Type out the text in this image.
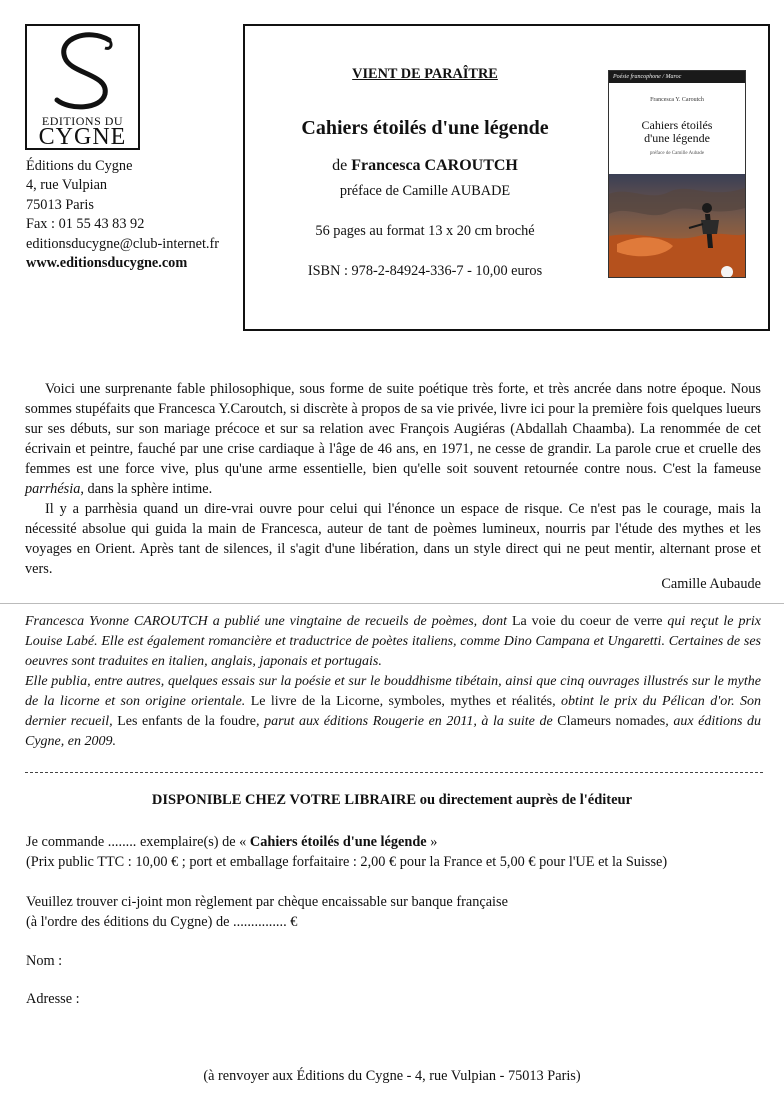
EDITIONS DU
CYGNE
Éditions du Cygne
4, rue Vulpian
75013 Paris
Fax : 01 55 43 83 92
editionsducygne@club-internet.fr
www.editionsducygne.com
VIENT DE PARAÎTRE
Cahiers étoilés d'une légende
de Francesca CAROUTCH
préface de Camille AUBADE
56 pages au format 13 x 20 cm broché
ISBN : 978-2-84924-336-7 - 10,00 euros
Poésie francophone / Maroc
Francesca Y. Caroutch
Cahiers étoilés
d'une légende
préface de Camille Aubade

Voici une surprenante fable philosophique, sous forme de suite poétique très forte, et très ancrée dans notre époque. Nous sommes stupéfaits que Francesca Y.Caroutch, si discrète à propos de sa vie privée, livre ici pour la première fois quelques lueurs sur ses débuts, sur son mariage précoce et sur sa relation avec François Augiéras (Abdallah Chaamba). La renommée de cet écrivain et peintre, fauché par une crise cardiaque à l'âge de 46 ans, en 1971, ne cesse de grandir. La parole crue et cruelle des femmes est une force vive, plus qu'une arme essentielle, bien qu'elle soit souvent retournée contre nous. C'est la fameuse parrhésia, dans la sphère intime.

Il y a parrhèsia quand un dire-vrai ouvre pour celui qui l'énonce un espace de risque. Ce n'est pas le courage, mais la nécessité absolue qui guida la main de Francesca, auteur de tant de poèmes lumineux, nourris par l'étude des mythes et les voyages en Orient. Après tant de silences, il s'agit d'une libération, dans un style direct qui ne peut mentir, alternant prose et vers.

Camille Aubaude

Francesca Yvonne CAROUTCH a publié une vingtaine de recueils de poèmes, dont La voie du coeur de verre qui reçut le prix Louise Labé. Elle est également romancière et traductrice de poètes italiens, comme Dino Campana et Ungaretti. Certaines de ses oeuvres sont traduites en italien, anglais, japonais et portugais.

Elle publia, entre autres, quelques essais sur la poésie et sur le bouddhisme tibétain, ainsi que cinq ouvrages illustrés sur le mythe de la licorne et son origine orientale. Le livre de la Licorne, symboles, mythes et réalités, obtint le prix du Pélican d'or. Son dernier recueil, Les enfants de la foudre, parut aux éditions Rougerie en 2011, à la suite de Clameurs nomades, aux éditions du Cygne, en 2009.

DISPONIBLE CHEZ VOTRE LIBRAIRE ou directement auprès de l'éditeur
Je commande ........ exemplaire(s) de « Cahiers étoilés d'une légende »
(Prix public TTC : 10,00 € ; port et emballage forfaitaire : 2,00 € pour la France et 5,00 € pour l'UE et la Suisse)
Veuillez trouver ci-joint mon règlement par chèque encaissable sur banque française
(à l'ordre des éditions du Cygne) de ............... €
Nom :
Adresse :
(à renvoyer aux Éditions du Cygne - 4, rue Vulpian - 75013 Paris)
